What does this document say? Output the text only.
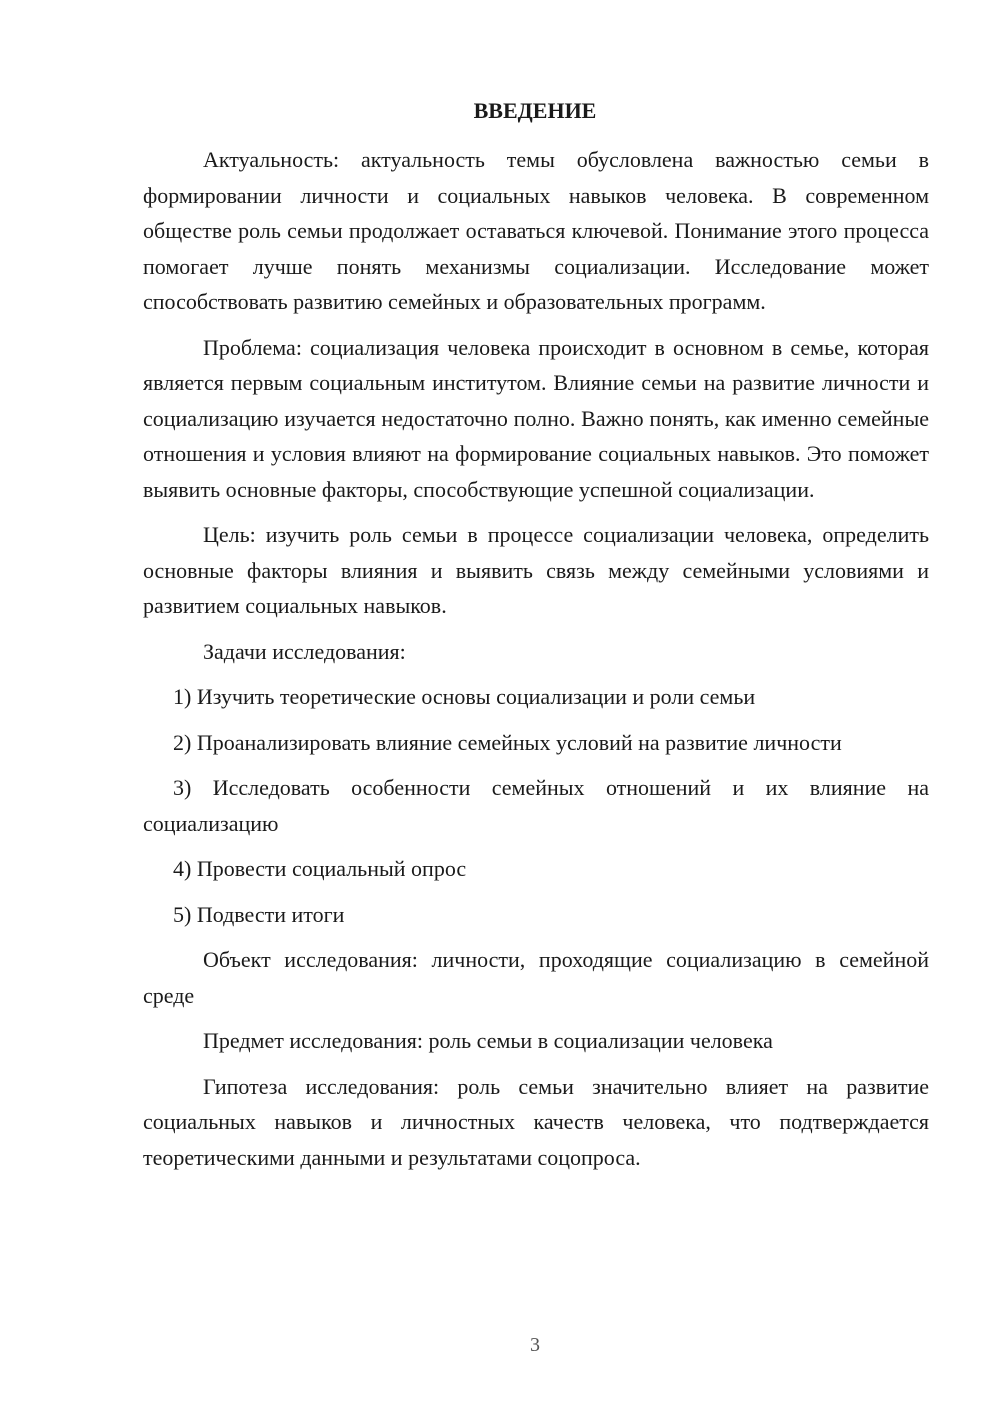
ВВЕДЕНИЕ

Актуальность: актуальность темы обусловлена важностью семьи в формировании личности и социальных навыков человека. В современном обществе роль семьи продолжает оставаться ключевой. Понимание этого процесса помогает лучше понять механизмы социализации. Исследование может способствовать развитию семейных и образовательных программ.

Проблема: социализация человека происходит в основном в семье, которая является первым социальным институтом. Влияние семьи на развитие личности и социализацию изучается недостаточно полно. Важно понять, как именно семейные отношения и условия влияют на формирование социальных навыков. Это поможет выявить основные факторы, способствующие успешной социализации.

Цель: изучить роль семьи в процессе социализации человека, определить основные факторы влияния и выявить связь между семейными условиями и развитием социальных навыков.

Задачи исследования:

1) Изучить теоретические основы социализации и роли семьи

2) Проанализировать влияние семейных условий на развитие личности

3) Исследовать особенности семейных отношений и их влияние на социализацию

4) Провести социальный опрос

5) Подвести итоги

Объект исследования: личности, проходящие социализацию в семейной среде

Предмет исследования: роль семьи в социализации человека

Гипотеза исследования: роль семьи значительно влияет на развитие социальных навыков и личностных качеств человека, что подтверждается теоретическими данными и результатами соцопроса.

3
